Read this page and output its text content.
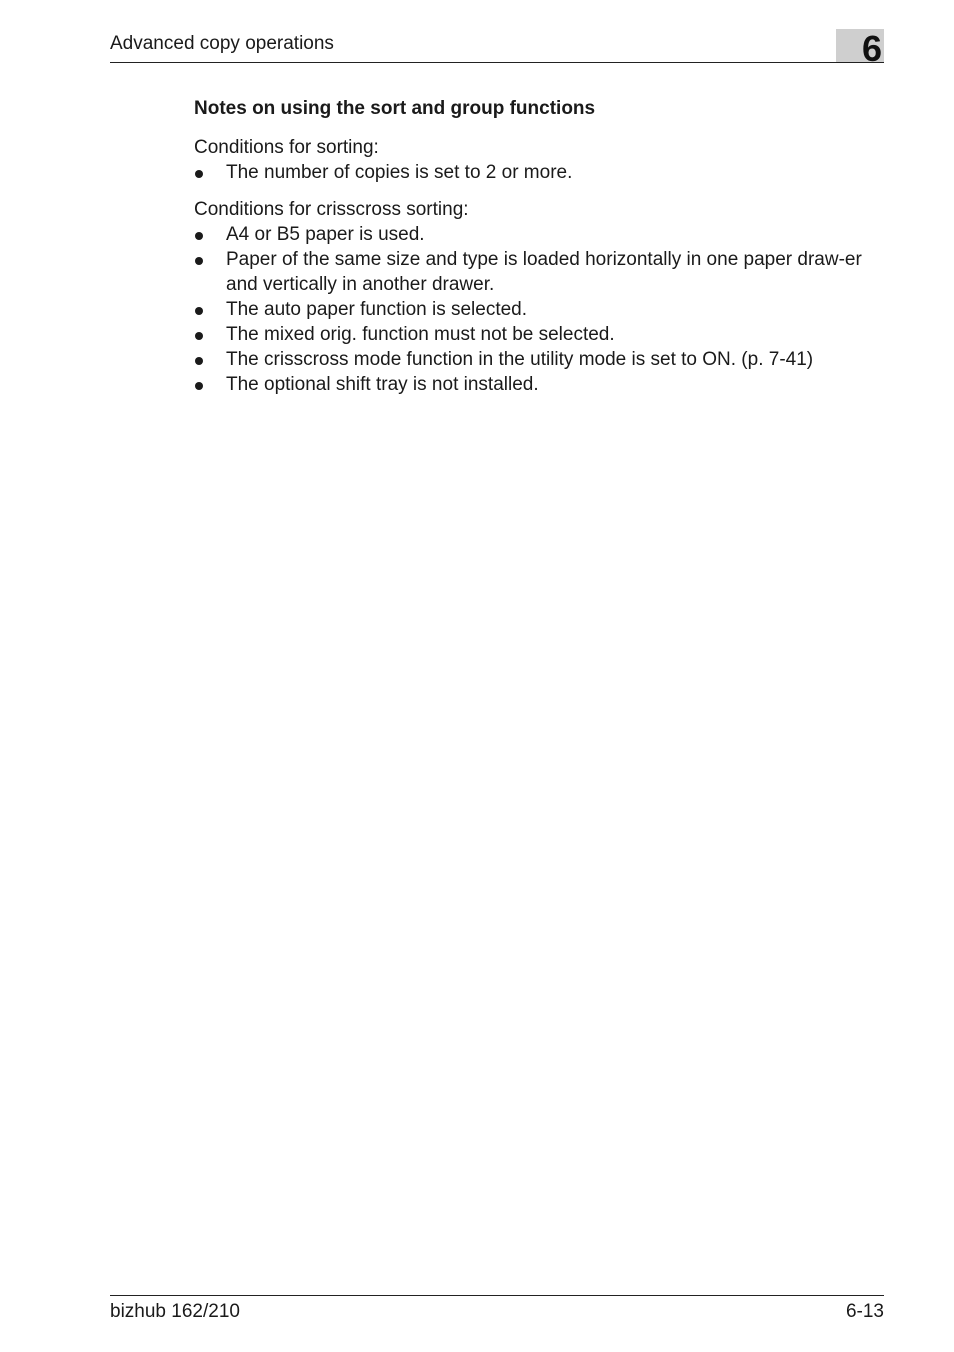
Advanced copy operations	6
Notes on using the sort and group functions

Conditions for sorting:

The number of copies is set to 2 or more.

Conditions for crisscross sorting:

A4 or B5 paper is used.
Paper of the same size and type is loaded horizontally in one paper draw-er and vertically in another drawer.
The auto paper function is selected.
The mixed orig. function must not be selected.
The crisscross mode function in the utility mode is set to ON. (p. 7-41)
The optional shift tray is not installed.
bizhub 162/210	6-13
